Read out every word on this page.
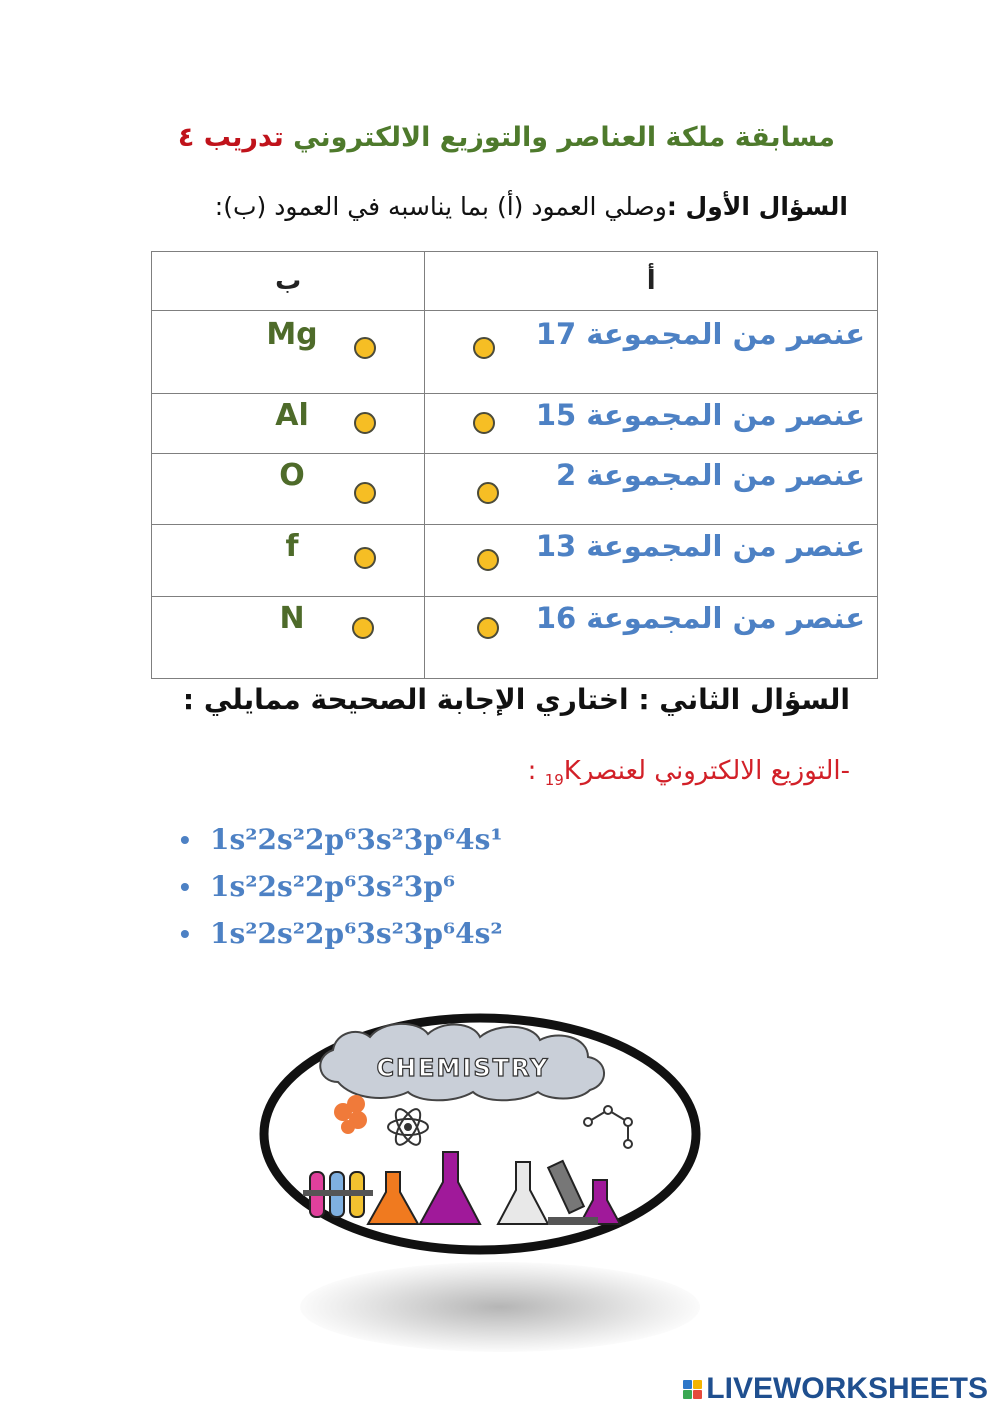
مسابقة ملكة العناصر والتوزيع الالكتروني تدريب ٤
السؤال الأول :وصلي العمود (أ) بما يناسبه في العمود (ب):
ب	أ

Mg	عنصر من المجموعة 17

Al	عنصر من المجموعة 15

O	عنصر من المجموعة 2

f	عنصر من المجموعة 13

N	عنصر من المجموعة 16
السؤال الثاني : اختاري الإجابة الصحيحة ممايلي :
-التوزيع الالكتروني لعنصر$_{19}$K :
• 1s²2s²2p⁶3s²3p⁶4s¹
• 1s²2s²2p⁶3s²3p⁶
• 1s²2s²2p⁶3s²3p⁶4s²
CHEMISTRY
LIVEWORKSHEETS
